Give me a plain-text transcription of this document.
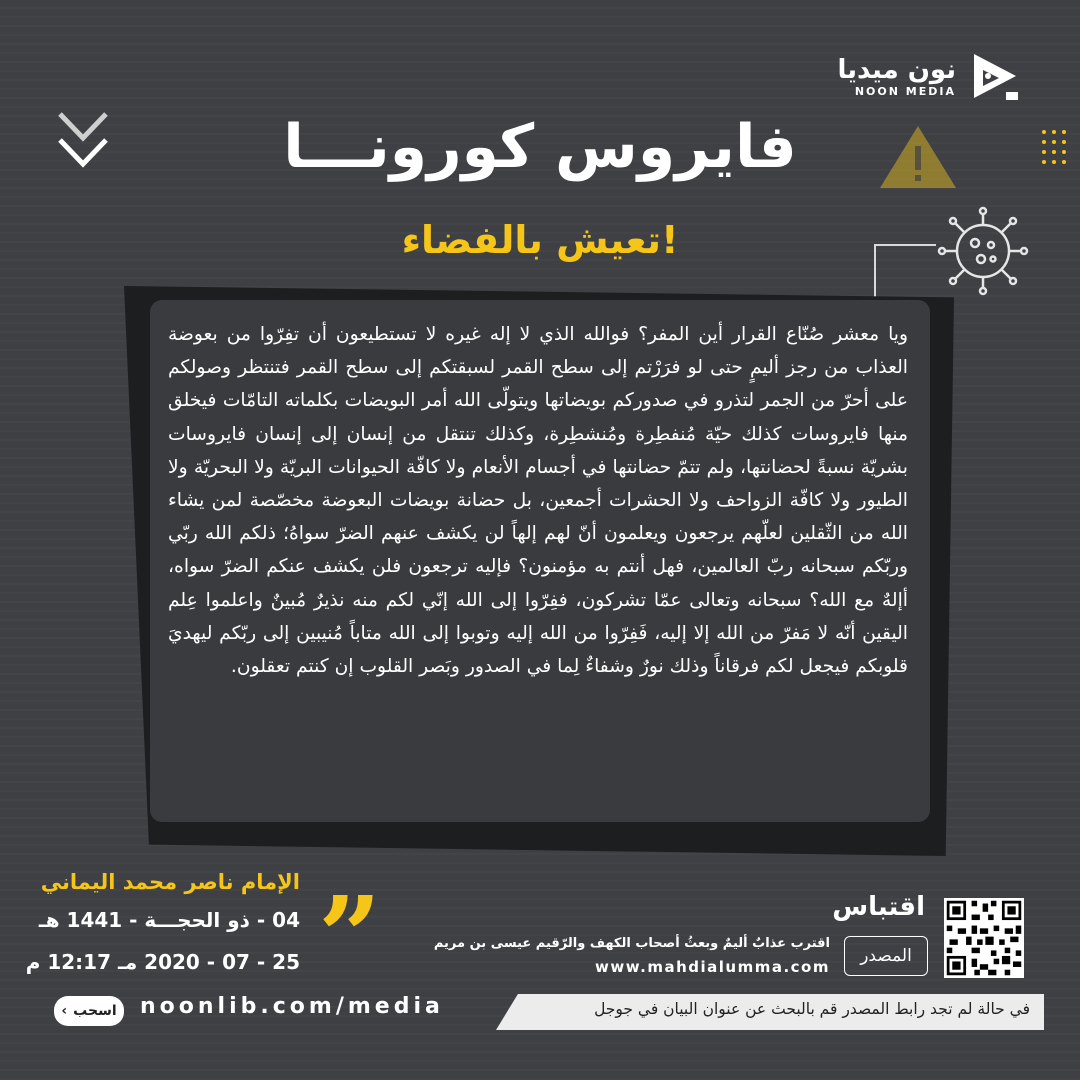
نون ميديا
NOON MEDIA
فايروس كورونـــا
تعيش بالفضاء!
ويا معشر صُنّاع القرار أين المفر؟ فوالله الذي لا إله غيره لا تستطيعون أن تفِرّوا من بعوضة العذاب من رجز أليمٍ حتى لو فرَرْتم إلى سطح القمر لسبقتكم إلى سطح القمر فتنتظر وصولكم على أحرّ من الجمر لتذرو في صدوركم بويضاتها ويتولّى الله أمر البويضات بكلماته التامّات فيخلق منها فايروسات كذلك حيّة مُنفطِرة ومُنشطِرة، وكذلك تنتقل من إنسان إلى إنسان فايروسات بشريّة نسبةً لحضانتها، ولم تتمّ حضانتها في أجسام الأنعام ولا كافّة الحيوانات البريّة ولا البحريّة ولا الطيور ولا كافّة الزواحف ولا الحشرات أجمعين، بل حضانة بويضات البعوضة مخصّصة لمن يشاء الله من الثّقلين لعلّهم يرجعون ويعلمون أنّ لهم إلهاً لن يكشف عنهم الضرّ سواهُ؛ ذلكم الله ربّي وربّكم سبحانه ربّ العالمين، فهل أنتم به مؤمنون؟ فإليه ترجعون فلن يكشف عنكم الضرّ سواه، أإلهٌ مع الله؟ سبحانه وتعالى عمّا تشركون، ففِرّوا إلى الله إنّي لكم منه نذيرٌ مُبينٌ واعلموا عِلم اليقين أنّه لا مَفرّ من الله إلا إليه، فَفِرّوا من الله إليه وتوبوا إلى الله متاباً مُنيبين إلى ربّكم ليهديَ قلوبكم فيجعل لكم فرقاناً وذلك نورٌ وشفاءٌ لِما في الصدور وبَصر القلوب إن كنتم تعقلون.
الإمام ناصر محمد اليماني
04 - ذو الحجـــة - 1441 هـ
25 - 07 - 2020 مـ 12:17 م ”
اسحب
›	noonlib.com/media
اقتباس
المصدر
اقترب عذابٌ أليمٌ وبعثُ أصحاب الكهف والرّقيم عيسى بن مريم
www.mahdialumma.com
في حالة لم تجد رابط المصدر قم بالبحث عن عنوان البيان في جوجل
